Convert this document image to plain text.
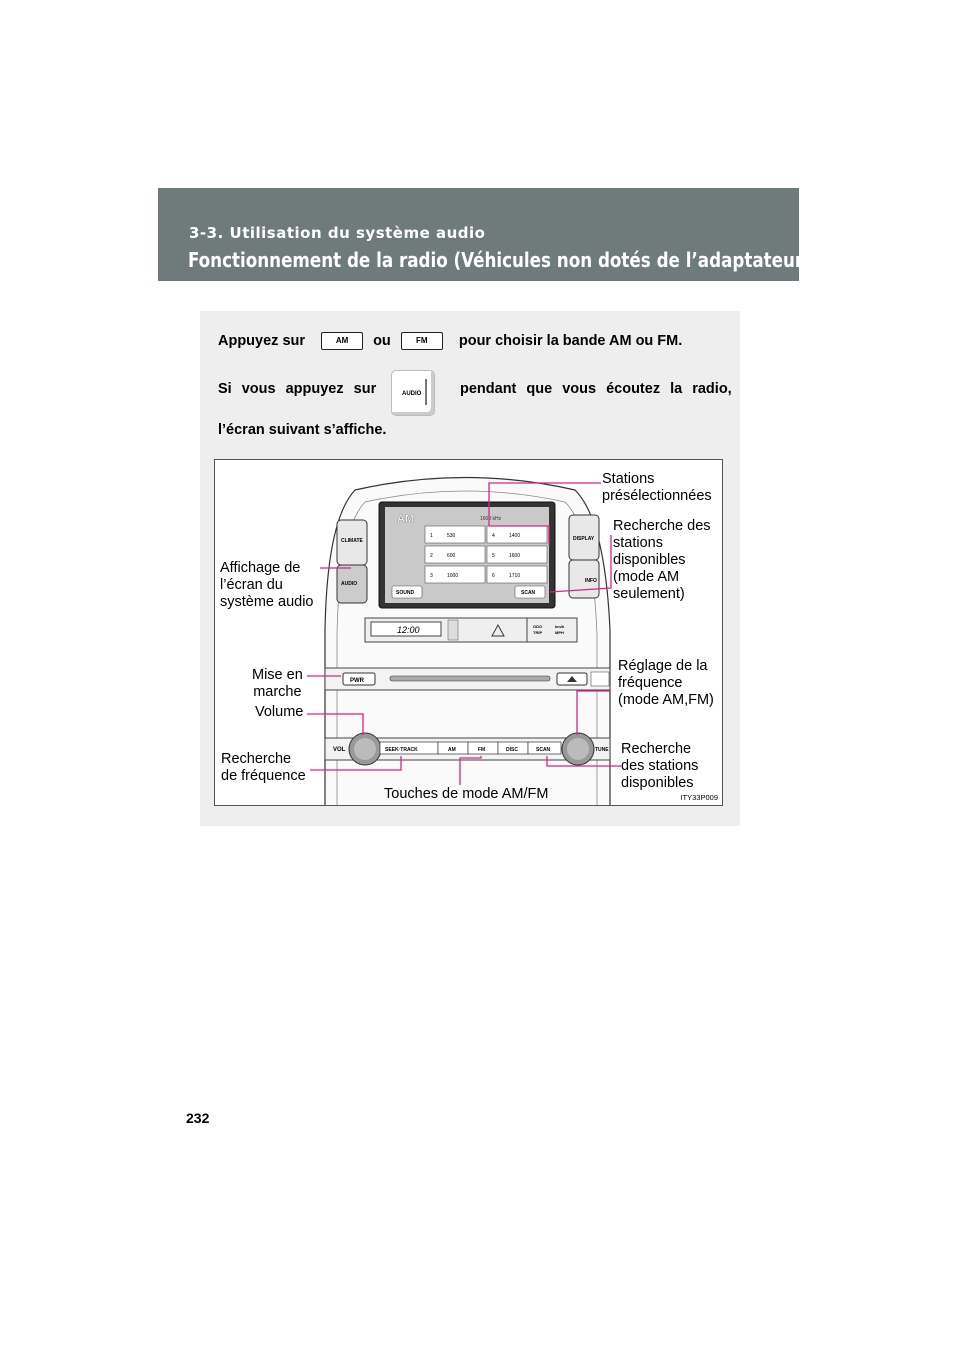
3-3. Utilisation du système audio
Fonctionnement de la radio (Véhicules non dotés de l’adaptateur AUX)
Appuyez sur	AM ou	FM pour choisir la bande AM ou FM.
Si vous appuyez sur	pendant que vous écoutez la radio,
AUDIO
l’écran suivant s’affiche.
CLIMATE
AUDIO
DISPLAY
INFO
AM	1600 kHz
1	530	4	1400
2	600	5	1600
3	1000	6	1710
SOUND	SCAN
12:00	ODO
TRIP
km/h
MPH
PWR
VOL	TUNE
SEEK·TRACK	AM	FM	DISC	SCAN
Stations
présélectionnées
Recherche des
stations
disponibles
(mode AM
seulement)
Affichage de
l’écran du
système audio
Mise en
marche
Volume
Réglage de la
fréquence
(mode AM,FM)
Recherche
de fréquence
Recherche
des stations
disponibles
Touches de mode AM/FM	ITY33P009
232
